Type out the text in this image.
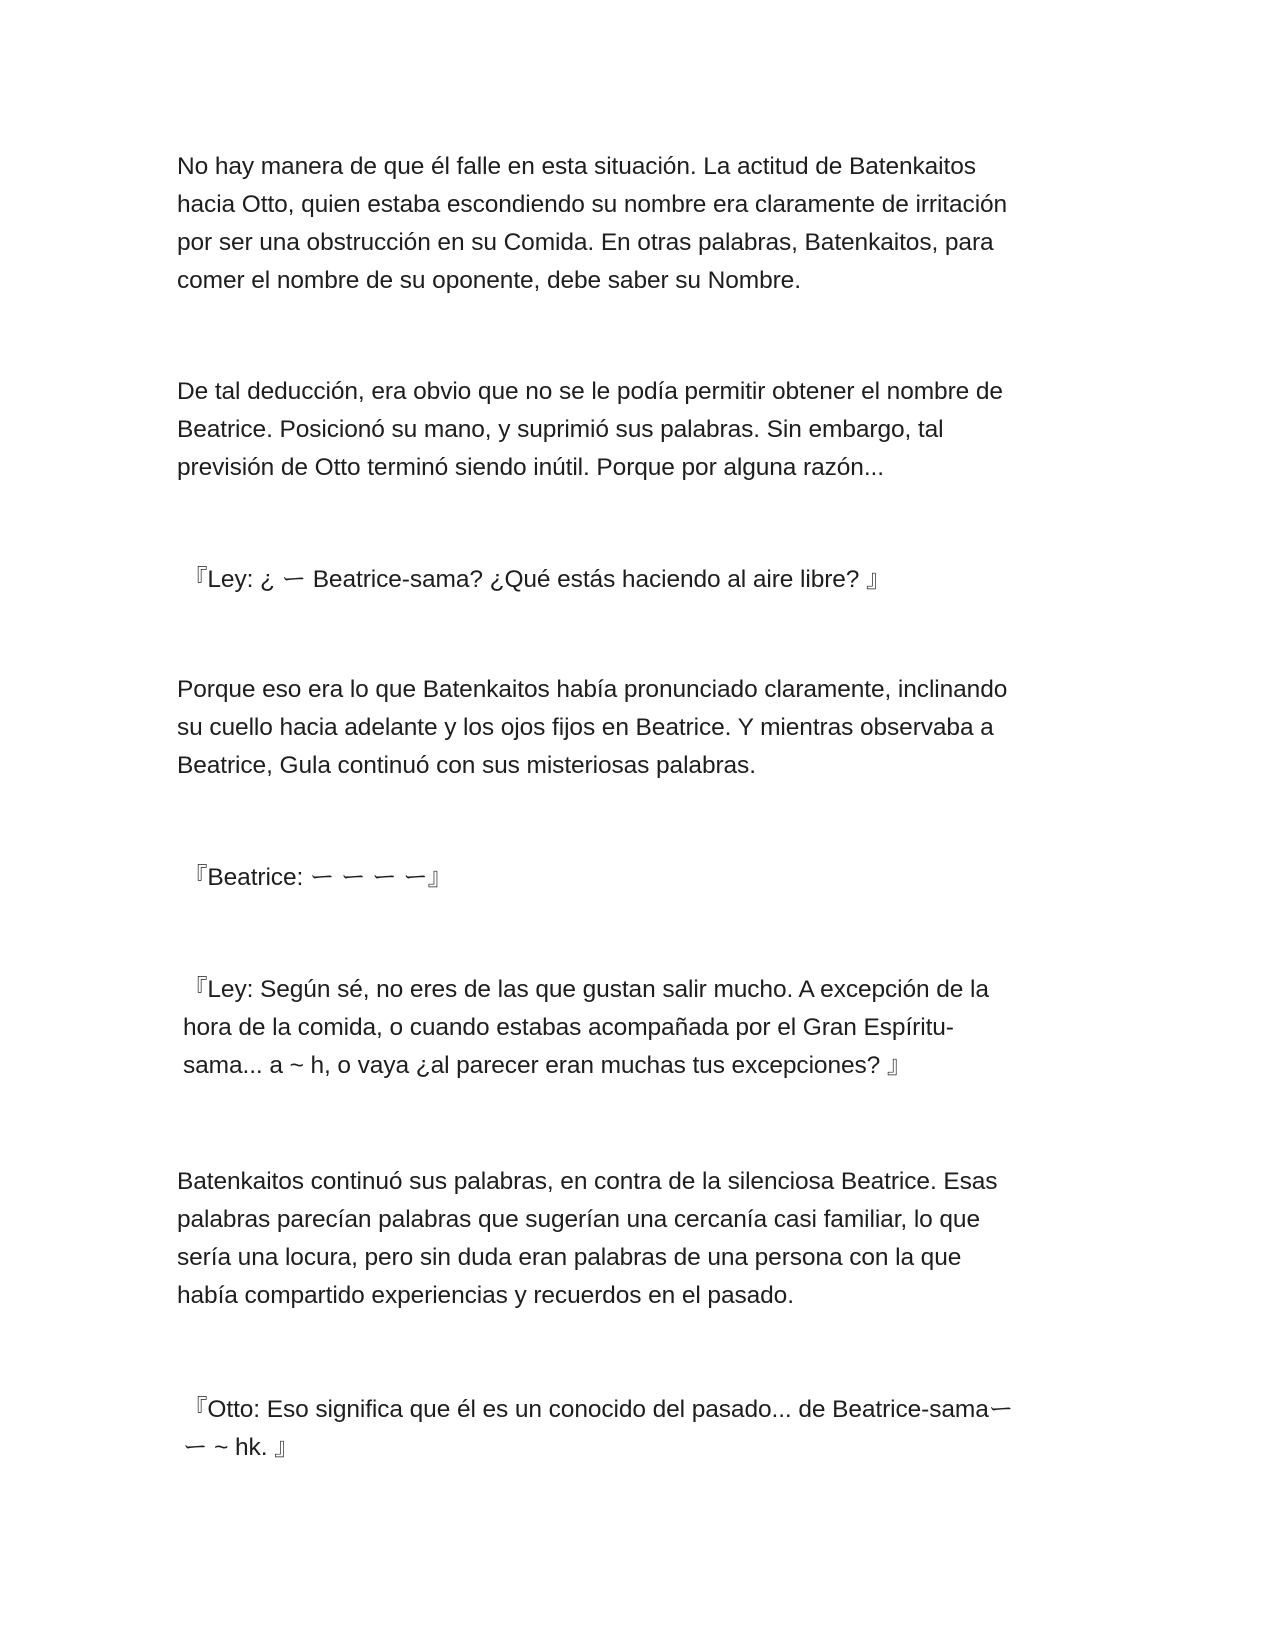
No hay manera de que él falle en esta situación. La actitud de Batenkaitos
hacia Otto, quien estaba escondiendo su nombre era claramente de irritación
por ser una obstrucción en su Comida. En otras palabras, Batenkaitos, para
comer el nombre de su oponente, debe saber su Nombre.

De tal deducción, era obvio que no se le podía permitir obtener el nombre de
Beatrice. Posicionó su mano, y suprimió sus palabras. Sin embargo, tal
previsión de Otto terminó siendo inútil. Porque por alguna razón...

『Ley: ¿ ー Beatrice-sama? ¿Qué estás haciendo al aire libre? 』

Porque eso era lo que Batenkaitos había pronunciado claramente, inclinando
su cuello hacia adelante y los ojos fijos en Beatrice. Y mientras observaba a
Beatrice, Gula continuó con sus misteriosas palabras.

『Beatrice: ー ー ー ー』

『Ley: Según sé, no eres de las que gustan salir mucho. A excepción de la
hora de la comida, o cuando estabas acompañada por el Gran Espíritu-
sama... a ~ h, o vaya ¿al parecer eran muchas tus excepciones? 』

Batenkaitos continuó sus palabras, en contra de la silenciosa Beatrice. Esas
palabras parecían palabras que sugerían una cercanía casi familiar, lo que
sería una locura, pero sin duda eran palabras de una persona con la que
había compartido experiencias y recuerdos en el pasado.

『Otto: Eso significa que él es un conocido del pasado... de Beatrice-samaー
ー ~ hk. 』
